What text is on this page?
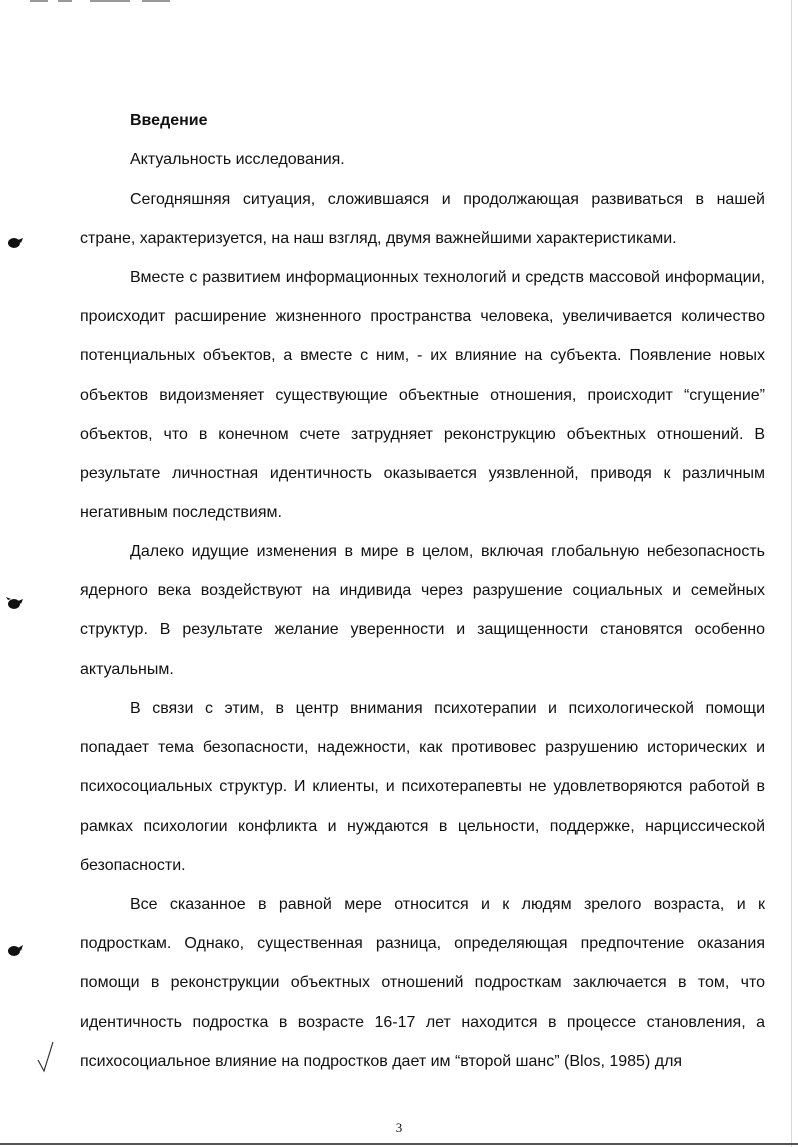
Введение
Актуальность исследования.

Сегодняшняя ситуация, сложившаяся и продолжающая развиваться в нашей стране, характеризуется, на наш взгляд, двумя важнейшими характеристиками.

Вместе с развитием информационных технологий и средств массовой информации, происходит расширение жизненного пространства человека, увеличивается количество потенциальных объектов, а вместе с ним, - их влияние на субъекта. Появление новых объектов видоизменяет существующие объектные отношения, происходит “сгущение” объектов, что в конечном счете затрудняет реконструкцию объектных отношений. В результате личностная идентичность оказывается уязвленной, приводя к различным негативным последствиям.

Далеко идущие изменения в мире в целом, включая глобальную небезопасность ядерного века воздействуют на индивида через разрушение социальных и семейных структур. В результате желание уверенности и защищенности становятся особенно актуальным.

В связи с этим, в центр внимания психотерапии и психологической помощи попадает тема безопасности, надежности, как противовес разрушению исторических и психосоциальных структур. И клиенты, и психотерапевты не удовлетворяются работой в рамках психологии конфликта и нуждаются в цельности, поддержке, нарциссической безопасности.

Все сказанное в равной мере относится и к людям зрелого возраста, и к подросткам. Однако, существенная разница, определяющая предпочтение оказания помощи в реконструкции объектных отношений подросткам заключается в том, что идентичность подростка в возрасте 16-17 лет находится в процессе становления, а психосоциальное влияние на подростков дает им “второй шанс” (Blos, 1985) для

3
